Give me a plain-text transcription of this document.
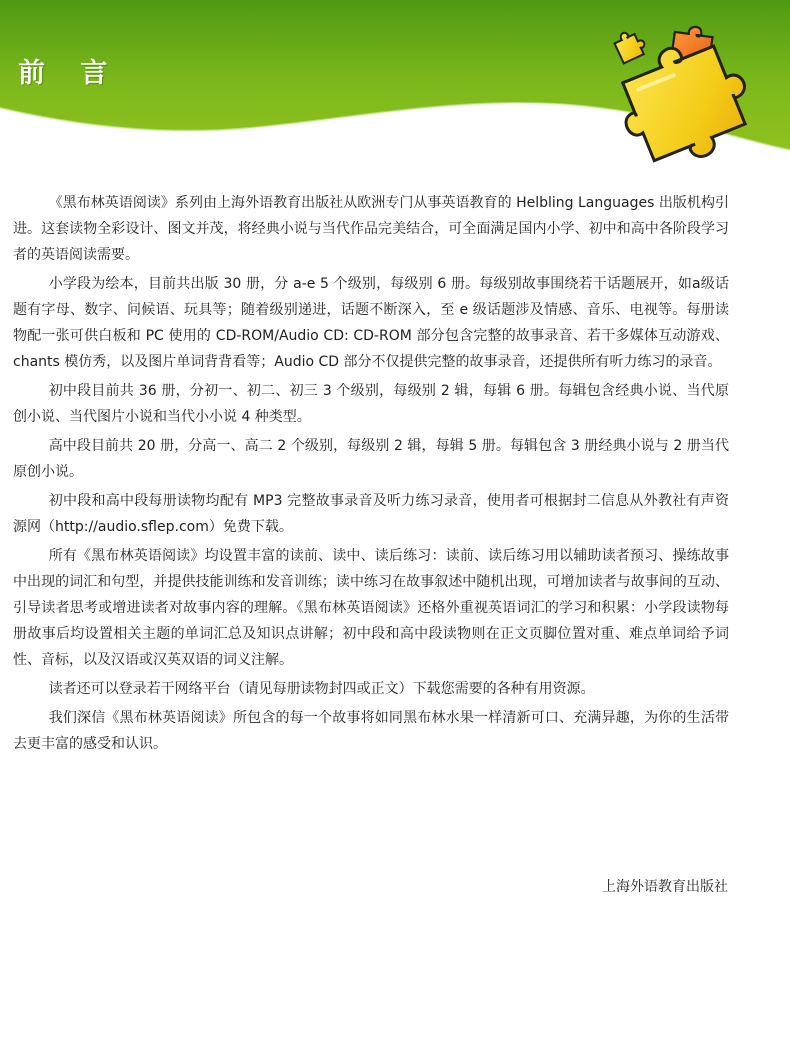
前 言

《黑布林英语阅读》系列由上海外语教育出版社从欧洲专门从事英语教育的 Helbling Languages 出版机构引进。这套读物全彩设计、图文并茂，将经典小说与当代作品完美结合，可全面满足国内小学、初中和高中各阶段学习者的英语阅读需要。

小学段为绘本，目前共出版 30 册，分 a-e 5 个级别，每级别 6 册。每级别故事围绕若干话题展开，如a级话题有字母、数字、问候语、玩具等；随着级别递进，话题不断深入，至 e 级话题涉及情感、音乐、电视等。每册读物配一张可供白板和 PC 使用的 CD-ROM/Audio CD: CD-ROM 部分包含完整的故事录音、若干多媒体互动游戏、chants 模仿秀，以及图片单词背背看等；Audio CD 部分不仅提供完整的故事录音，还提供所有听力练习的录音。

初中段目前共 36 册，分初一、初二、初三 3 个级别，每级别 2 辑，每辑 6 册。每辑包含经典小说、当代原创小说、当代图片小说和当代小小说 4 种类型。

高中段目前共 20 册，分高一、高二 2 个级别，每级别 2 辑，每辑 5 册。每辑包含 3 册经典小说与 2 册当代原创小说。

初中段和高中段每册读物均配有 MP3 完整故事录音及听力练习录音，使用者可根据封二信息从外教社有声资源网（http://audio.sflep.com）免费下载。

所有《黑布林英语阅读》均设置丰富的读前、读中、读后练习：读前、读后练习用以辅助读者预习、操练故事中出现的词汇和句型，并提供技能训练和发音训练；读中练习在故事叙述中随机出现，可增加读者与故事间的互动、引导读者思考或增进读者对故事内容的理解。《黑布林英语阅读》还格外重视英语词汇的学习和积累：小学段读物每册故事后均设置相关主题的单词汇总及知识点讲解；初中段和高中段读物则在正文页脚位置对重、难点单词给予词性、音标，以及汉语或汉英双语的词义注解。

读者还可以登录若干网络平台（请见每册读物封四或正文）下载您需要的各种有用资源。

我们深信《黑布林英语阅读》所包含的每一个故事将如同黑布林水果一样清新可口、充满异趣，为你的生活带去更丰富的感受和认识。

上海外语教育出版社
